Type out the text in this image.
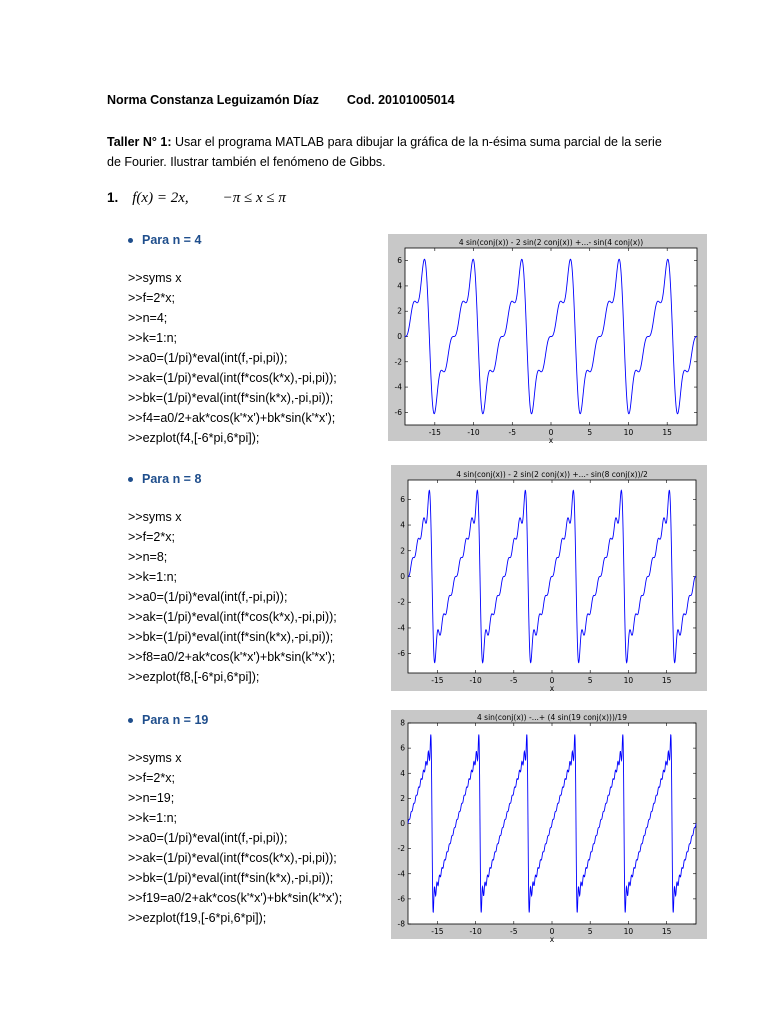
Norma Constanza Leguizamón Díaz Cod. 20101005014
Taller N° 1: Usar el programa MATLAB para dibujar la gráfica de la n-ésima suma parcial de la serie de Fourier. Ilustrar también el fenómeno de Gibbs.
1. f(x) = 2x, −π ≤ x ≤ π
Para n = 4
>>syms x
>>f=2*x;
>>n=4;
>>k=1:n;
>>a0=(1/pi)*eval(int(f,-pi,pi));
>>ak=(1/pi)*eval(int(f*cos(k*x),-pi,pi));
>>bk=(1/pi)*eval(int(f*sin(k*x),-pi,pi));
>>f4=a0/2+ak*cos(k'*x')+bk*sin(k'*x');
>>ezplot(f4,[-6*pi,6*pi]);
Para n = 8
>>syms x
>>f=2*x;
>>n=8;
>>k=1:n;
>>a0=(1/pi)*eval(int(f,-pi,pi));
>>ak=(1/pi)*eval(int(f*cos(k*x),-pi,pi));
>>bk=(1/pi)*eval(int(f*sin(k*x),-pi,pi));
>>f8=a0/2+ak*cos(k'*x')+bk*sin(k'*x');
>>ezplot(f8,[-6*pi,6*pi]);
Para n = 19
>>syms x
>>f=2*x;
>>n=19;
>>k=1:n;
>>a0=(1/pi)*eval(int(f,-pi,pi));
>>ak=(1/pi)*eval(int(f*cos(k*x),-pi,pi));
>>bk=(1/pi)*eval(int(f*sin(k*x),-pi,pi));
>>f19=a0/2+ak*cos(k'*x')+bk*sin(k'*x');
>>ezplot(f19,[-6*pi,6*pi]);
4 sin(conj(x)) - 2 sin(2 conj(x)) +...- sin(4 conj(x))
-15	-10	-5	0	5	10	15
-6
-4
-2
0
2
4
6
x
4 sin(conj(x)) - 2 sin(2 conj(x)) +...- sin(8 conj(x))/2
-15	-10	-5	0	5	10	15
-6
-4
-2
0
2
4
6
x
4 sin(conj(x)) -...+ (4 sin(19 conj(x)))/19
-15	-10	-5	0	5	10	15
-8
-6
-4
-2
0
2
4
6
8
x
